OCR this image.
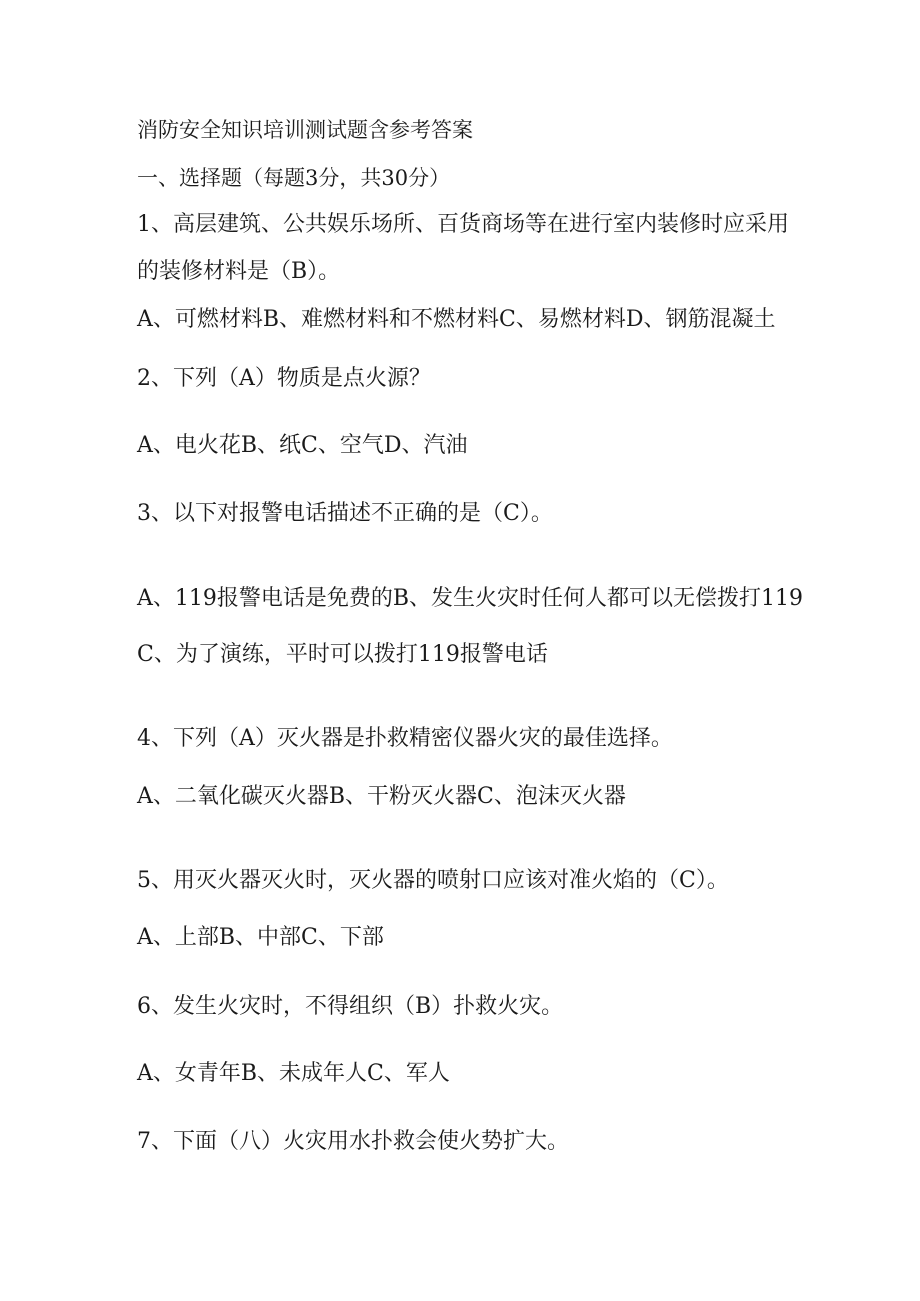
消防安全知识培训测试题含参考答案

一、选择题（每题3分，共30分）

1、高层建筑、公共娱乐场所、百货商场等在进行室内装修时应采用

的装修材料是（B）。

A、可燃材料B、难燃材料和不燃材料C、易燃材料D、钢筋混凝土

2、下列（A）物质是点火源？

A、电火花B、纸C、空气D、汽油

3、以下对报警电话描述不正确的是（C）。

A、119报警电话是免费的B、发生火灾时任何人都可以无偿拨打119

C、为了演练，平时可以拨打119报警电话

4、下列（A）灭火器是扑救精密仪器火灾的最佳选择。

A、二氧化碳灭火器B、干粉灭火器C、泡沫灭火器

5、用灭火器灭火时，灭火器的喷射口应该对准火焰的（C）。

A、上部B、中部C、下部

6、发生火灾时，不得组织（B）扑救火灾。

A、女青年B、未成年人C、军人

7、下面（八）火灾用水扑救会使火势扩大。
